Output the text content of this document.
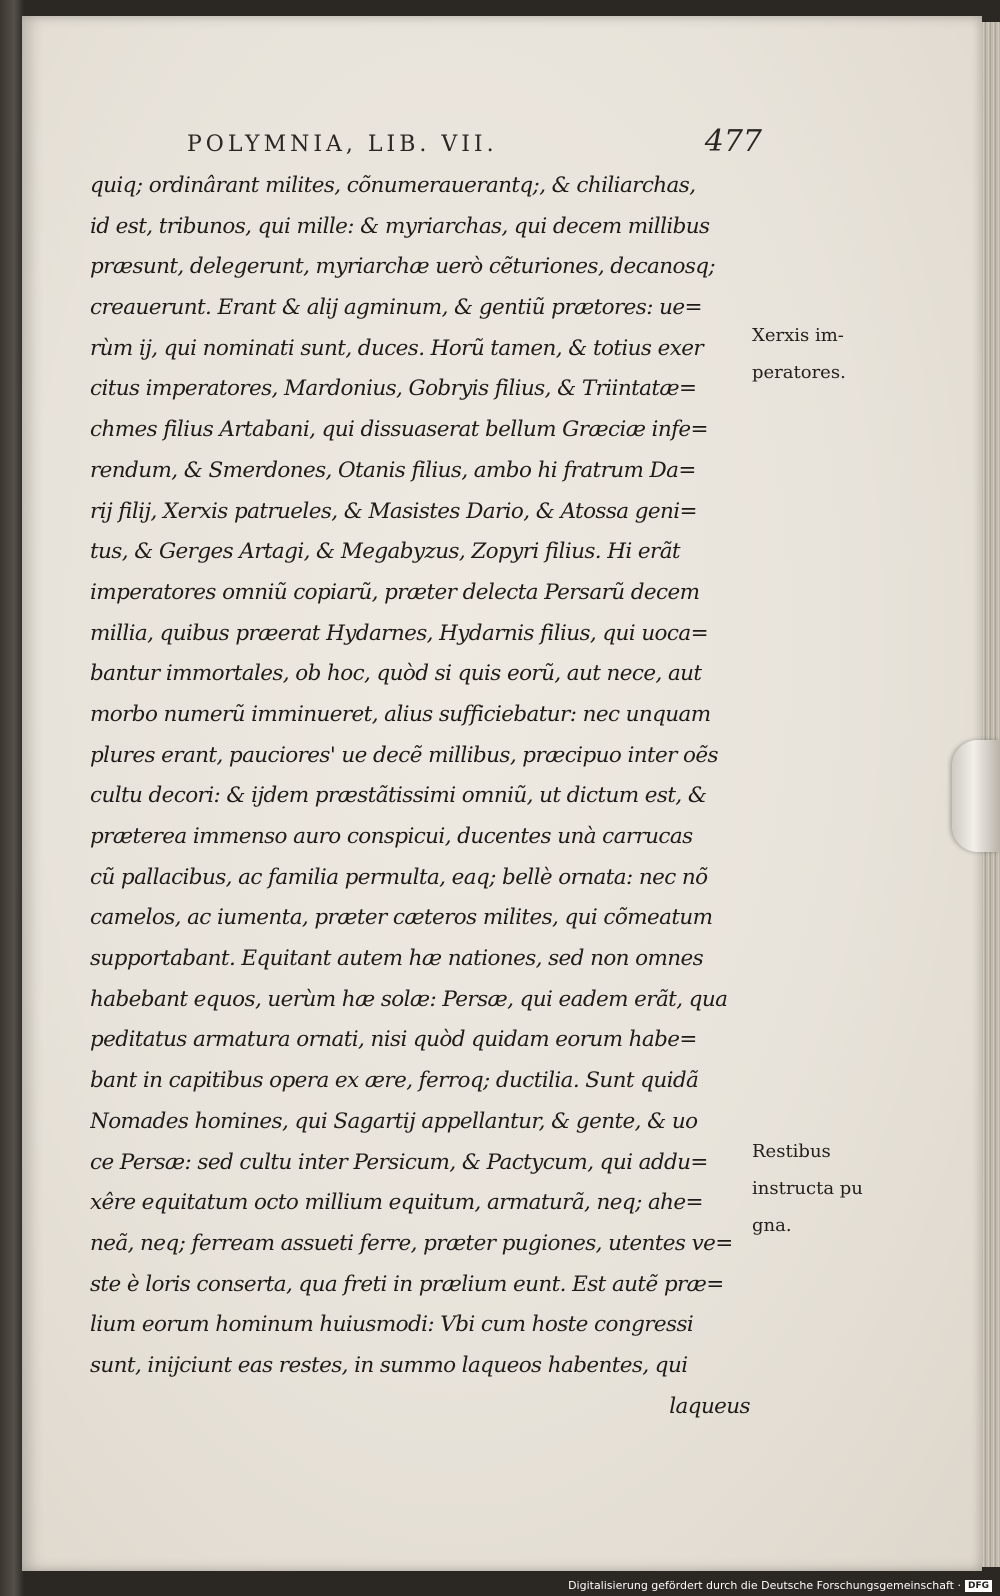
POLYMNIA, LIB. VII.	477
quiq; ordinârant milites, cõnumerauerantq;, & chiliarchas,
id est, tribunos, qui mille: & myriarchas, qui decem millibus
præsunt, delegerunt, myriarchæ uerò cẽturiones, decanosq;
creauerunt. Erant & alij agminum, & gentiũ prætores: ue=
rùm ij, qui nominati sunt, duces. Horũ tamen, & totius exer
citus imperatores, Mardonius, Gobryis filius, & Triintatæ=
chmes filius Artabani, qui dissuaserat bellum Græciæ infe=
rendum, & Smerdones, Otanis filius, ambo hi fratrum Da=
rij filij, Xerxis patrueles, & Masistes Dario, & Atossa geni=
tus, & Gerges Artagi, & Megabyzus, Zopyri filius. Hi erãt
imperatores omniũ copiarũ, præter delecta Persarũ decem
millia, quibus præerat Hydarnes, Hydarnis filius, qui uoca=
bantur immortales, ob hoc, quòd si quis eorũ, aut nece, aut
morbo numerũ imminueret, alius sufficiebatur: nec unquam
plures erant, pauciores' ue decẽ millibus, præcipuo inter oẽs
cultu decori: & ijdem præstãtissimi omniũ, ut dictum est, &
præterea immenso auro conspicui, ducentes unà carrucas
cũ pallacibus, ac familia permulta, eaq; bellè ornata: nec nõ
camelos, ac iumenta, præter cæteros milites, qui cõmeatum
supportabant. Equitant autem hæ nationes, sed non omnes
habebant equos, uerùm hæ solæ: Persæ, qui eadem erãt, qua
peditatus armatura ornati, nisi quòd quidam eorum habe=
bant in capitibus opera ex ære, ferroq; ductilia. Sunt quidã
Nomades homines, qui Sagartij appellantur, & gente, & uo
ce Persæ: sed cultu inter Persicum, & Pactycum, qui addu=
xêre equitatum octo millium equitum, armaturã, neq; ahe=
neã, neq; ferream assueti ferre, præter pugiones, utentes ve=
ste è loris conserta, qua freti in prælium eunt. Est autẽ præ=
lium eorum hominum huiusmodi: Vbi cum hoste congressi
sunt, inijciunt eas restes, in summo laqueos habentes, qui
laqueus
Xerxis im-
peratores.
Restibus
instructa pu
gna.
Digitalisierung gefördert durch die Deutsche Forschungsgemeinschaft · DFG
